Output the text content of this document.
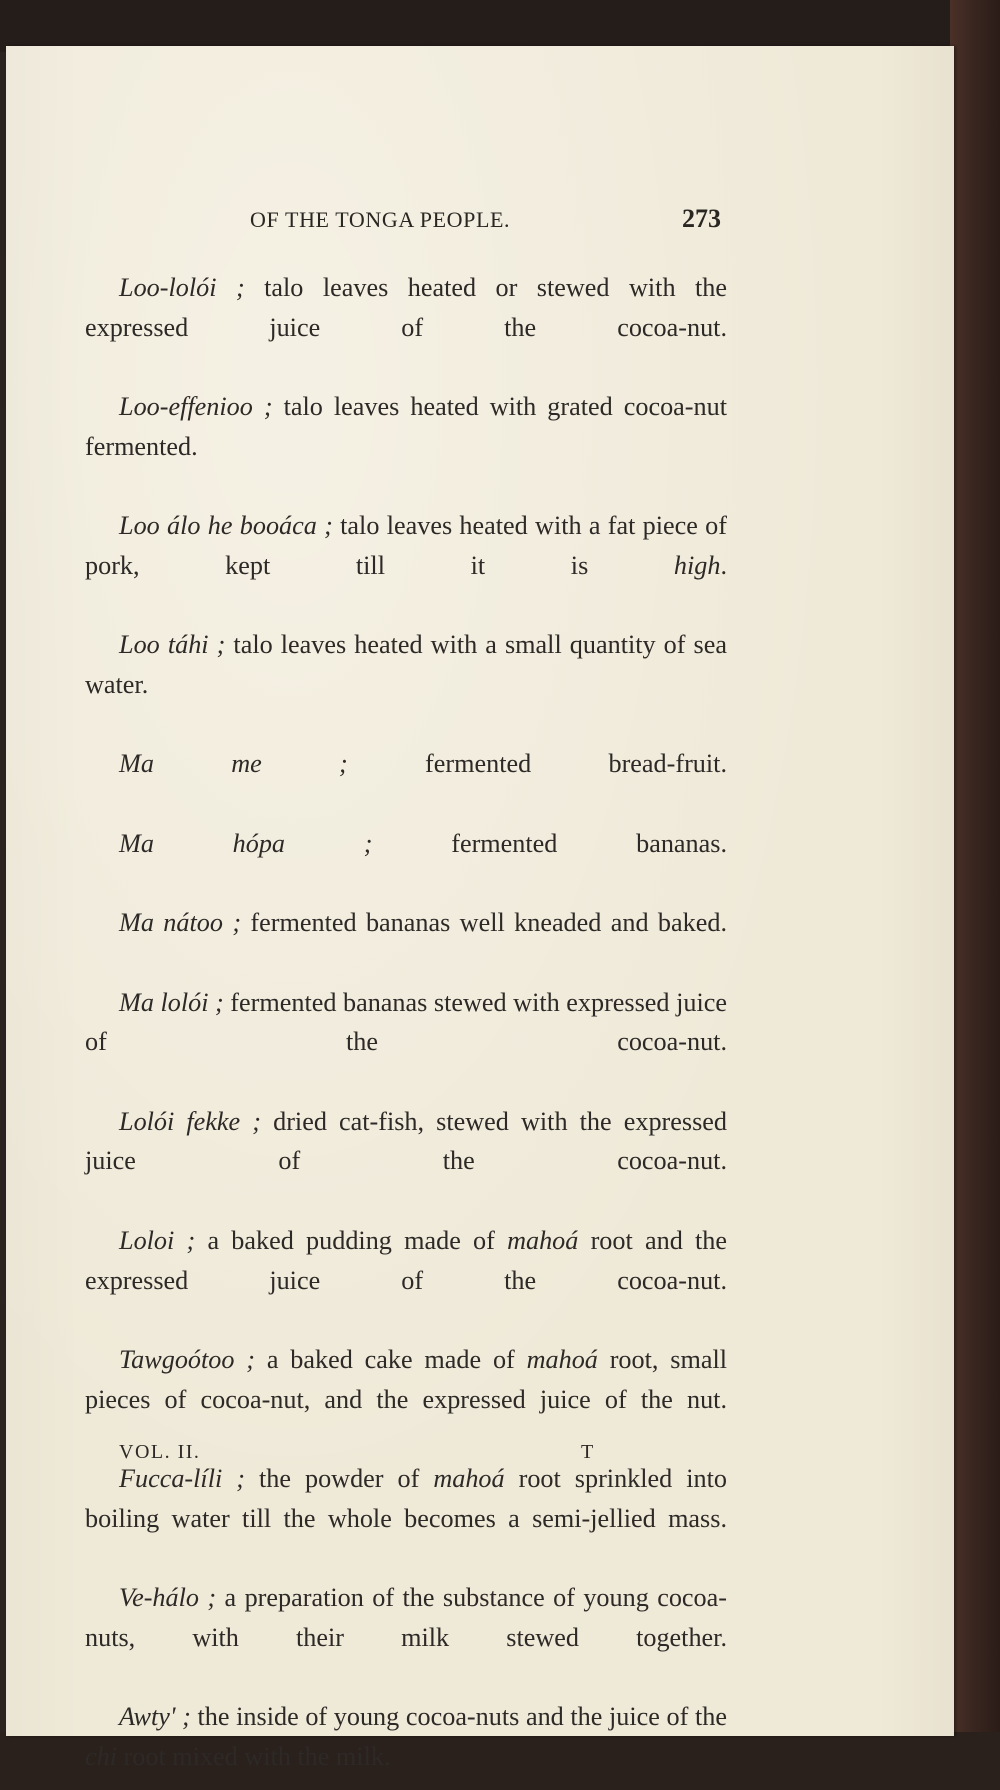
OF THE TONGA PEOPLE.	273

Loo-lolói ; talo leaves heated or stewed with the expressed juice of the cocoa-nut.

Loo-effenioo ; talo leaves heated with grated cocoa-nut fermented.

Loo álo he booáca ; talo leaves heated with a fat piece of pork, kept till it is high.

Loo táhi ; talo leaves heated with a small quantity of sea water.

Ma me ; fermented bread-fruit.

Ma hópa ; fermented bananas.

Ma nátoo ; fermented bananas well kneaded and baked.

Ma lolói ; fermented bananas stewed with expressed juice of the cocoa-nut.

Lolói fekke ; dried cat-fish, stewed with the expressed juice of the cocoa-nut.

Loloi ; a baked pudding made of mahoá root and the expressed juice of the cocoa-nut.

Tawgoótoo ; a baked cake made of mahoá root, small pieces of cocoa-nut, and the expressed juice of the nut.

Fucca-líli ; the powder of mahoá root sprinkled into boiling water till the whole becomes a semi-jellied mass.

Ve-hálo ; a preparation of the substance of young cocoa-nuts, with their milk stewed together.

Awty' ; the inside of young cocoa-nuts and the juice of the chi root mixed with the milk.

VOL. II.	T
